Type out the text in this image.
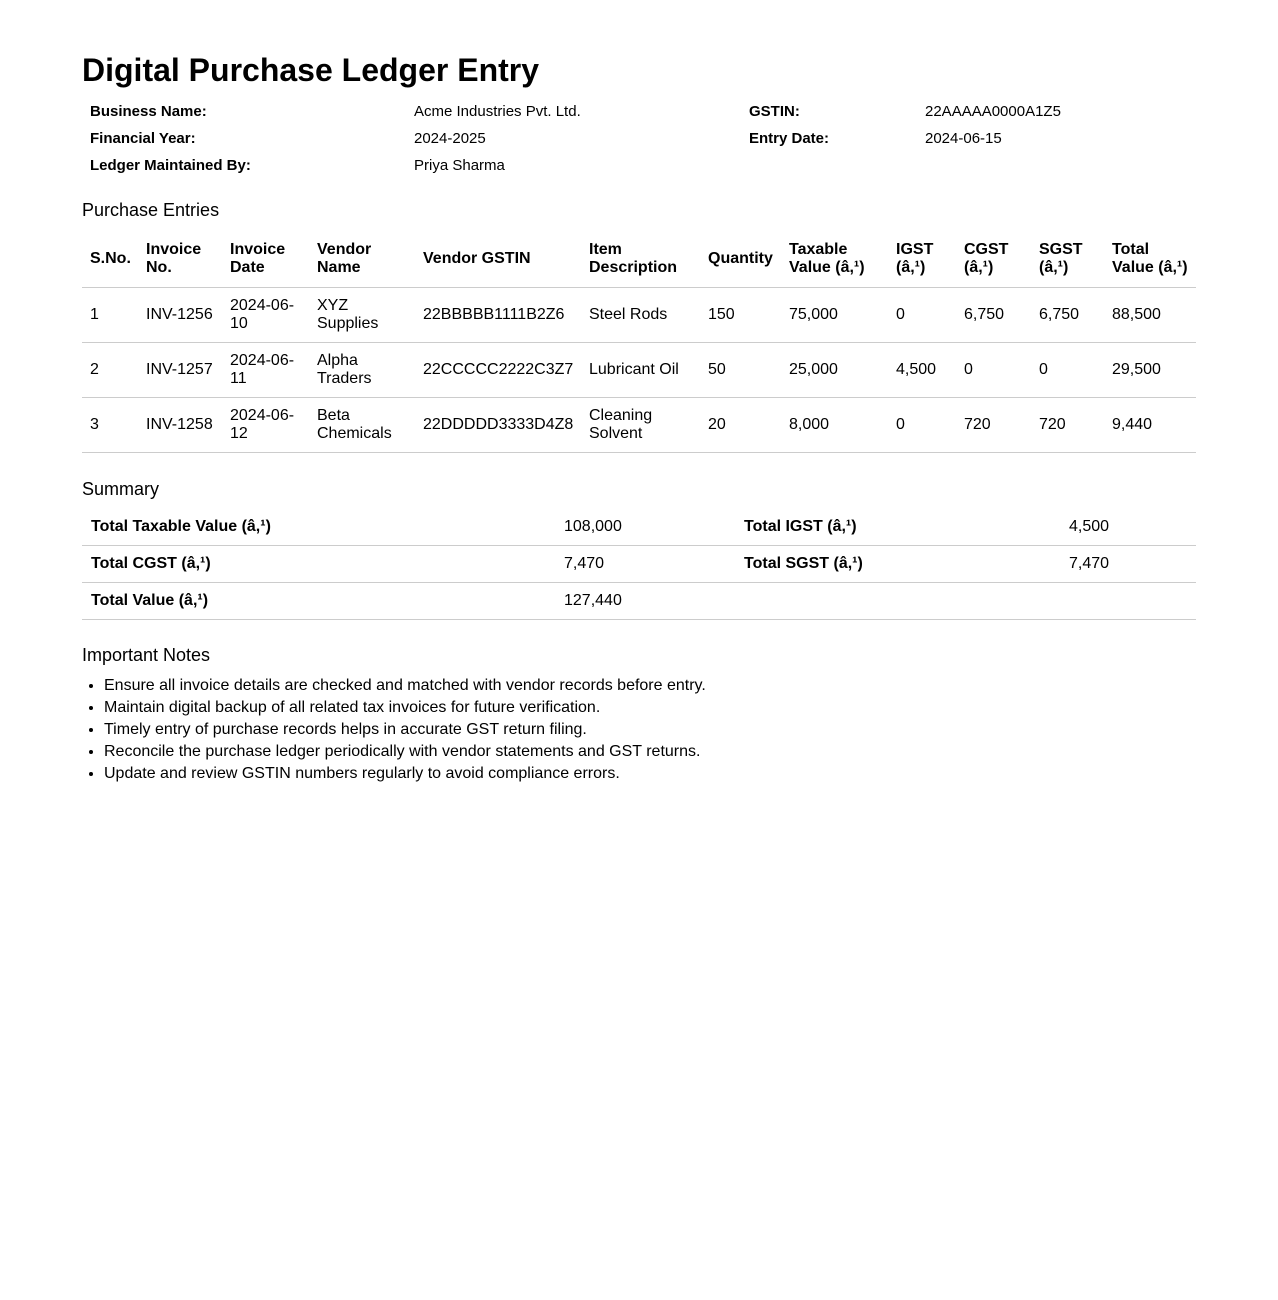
Digital Purchase Ledger Entry
Business Name:	Acme Industries Pvt. Ltd.	GSTIN:	22AAAAA0000A1Z5
Financial Year:	2024-2025	Entry Date:	2024-06-15
Ledger Maintained By:	Priya Sharma		
Purchase Entries
S.No.	Invoice No.	Invoice Date	Vendor Name	Vendor GSTIN	Item Description	Quantity	Taxable Value (â,¹)	IGST (â,¹)	CGST (â,¹)	SGST (â,¹)	Total Value (â,¹)
1	INV-1256	2024-06-10	XYZ Supplies	22BBBBB1111B2Z6	Steel Rods	150	75,000	0	6,750	6,750	88,500
2	INV-1257	2024-06-11	Alpha Traders	22CCCCC2222C3Z7	Lubricant Oil	50	25,000	4,500	0	0	29,500
3	INV-1258	2024-06-12	Beta Chemicals	22DDDDD3333D4Z8	Cleaning Solvent	20	8,000	0	720	720	9,440
Summary
Total Taxable Value (â,¹)	108,000	Total IGST (â,¹)	4,500
Total CGST (â,¹)	7,470	Total SGST (â,¹)	7,470
Total Value (â,¹)	127,440		
Important Notes
• Ensure all invoice details are checked and matched with vendor records before entry.
• Maintain digital backup of all related tax invoices for future verification.
• Timely entry of purchase records helps in accurate GST return filing.
• Reconcile the purchase ledger periodically with vendor statements and GST returns.
• Update and review GSTIN numbers regularly to avoid compliance errors.
